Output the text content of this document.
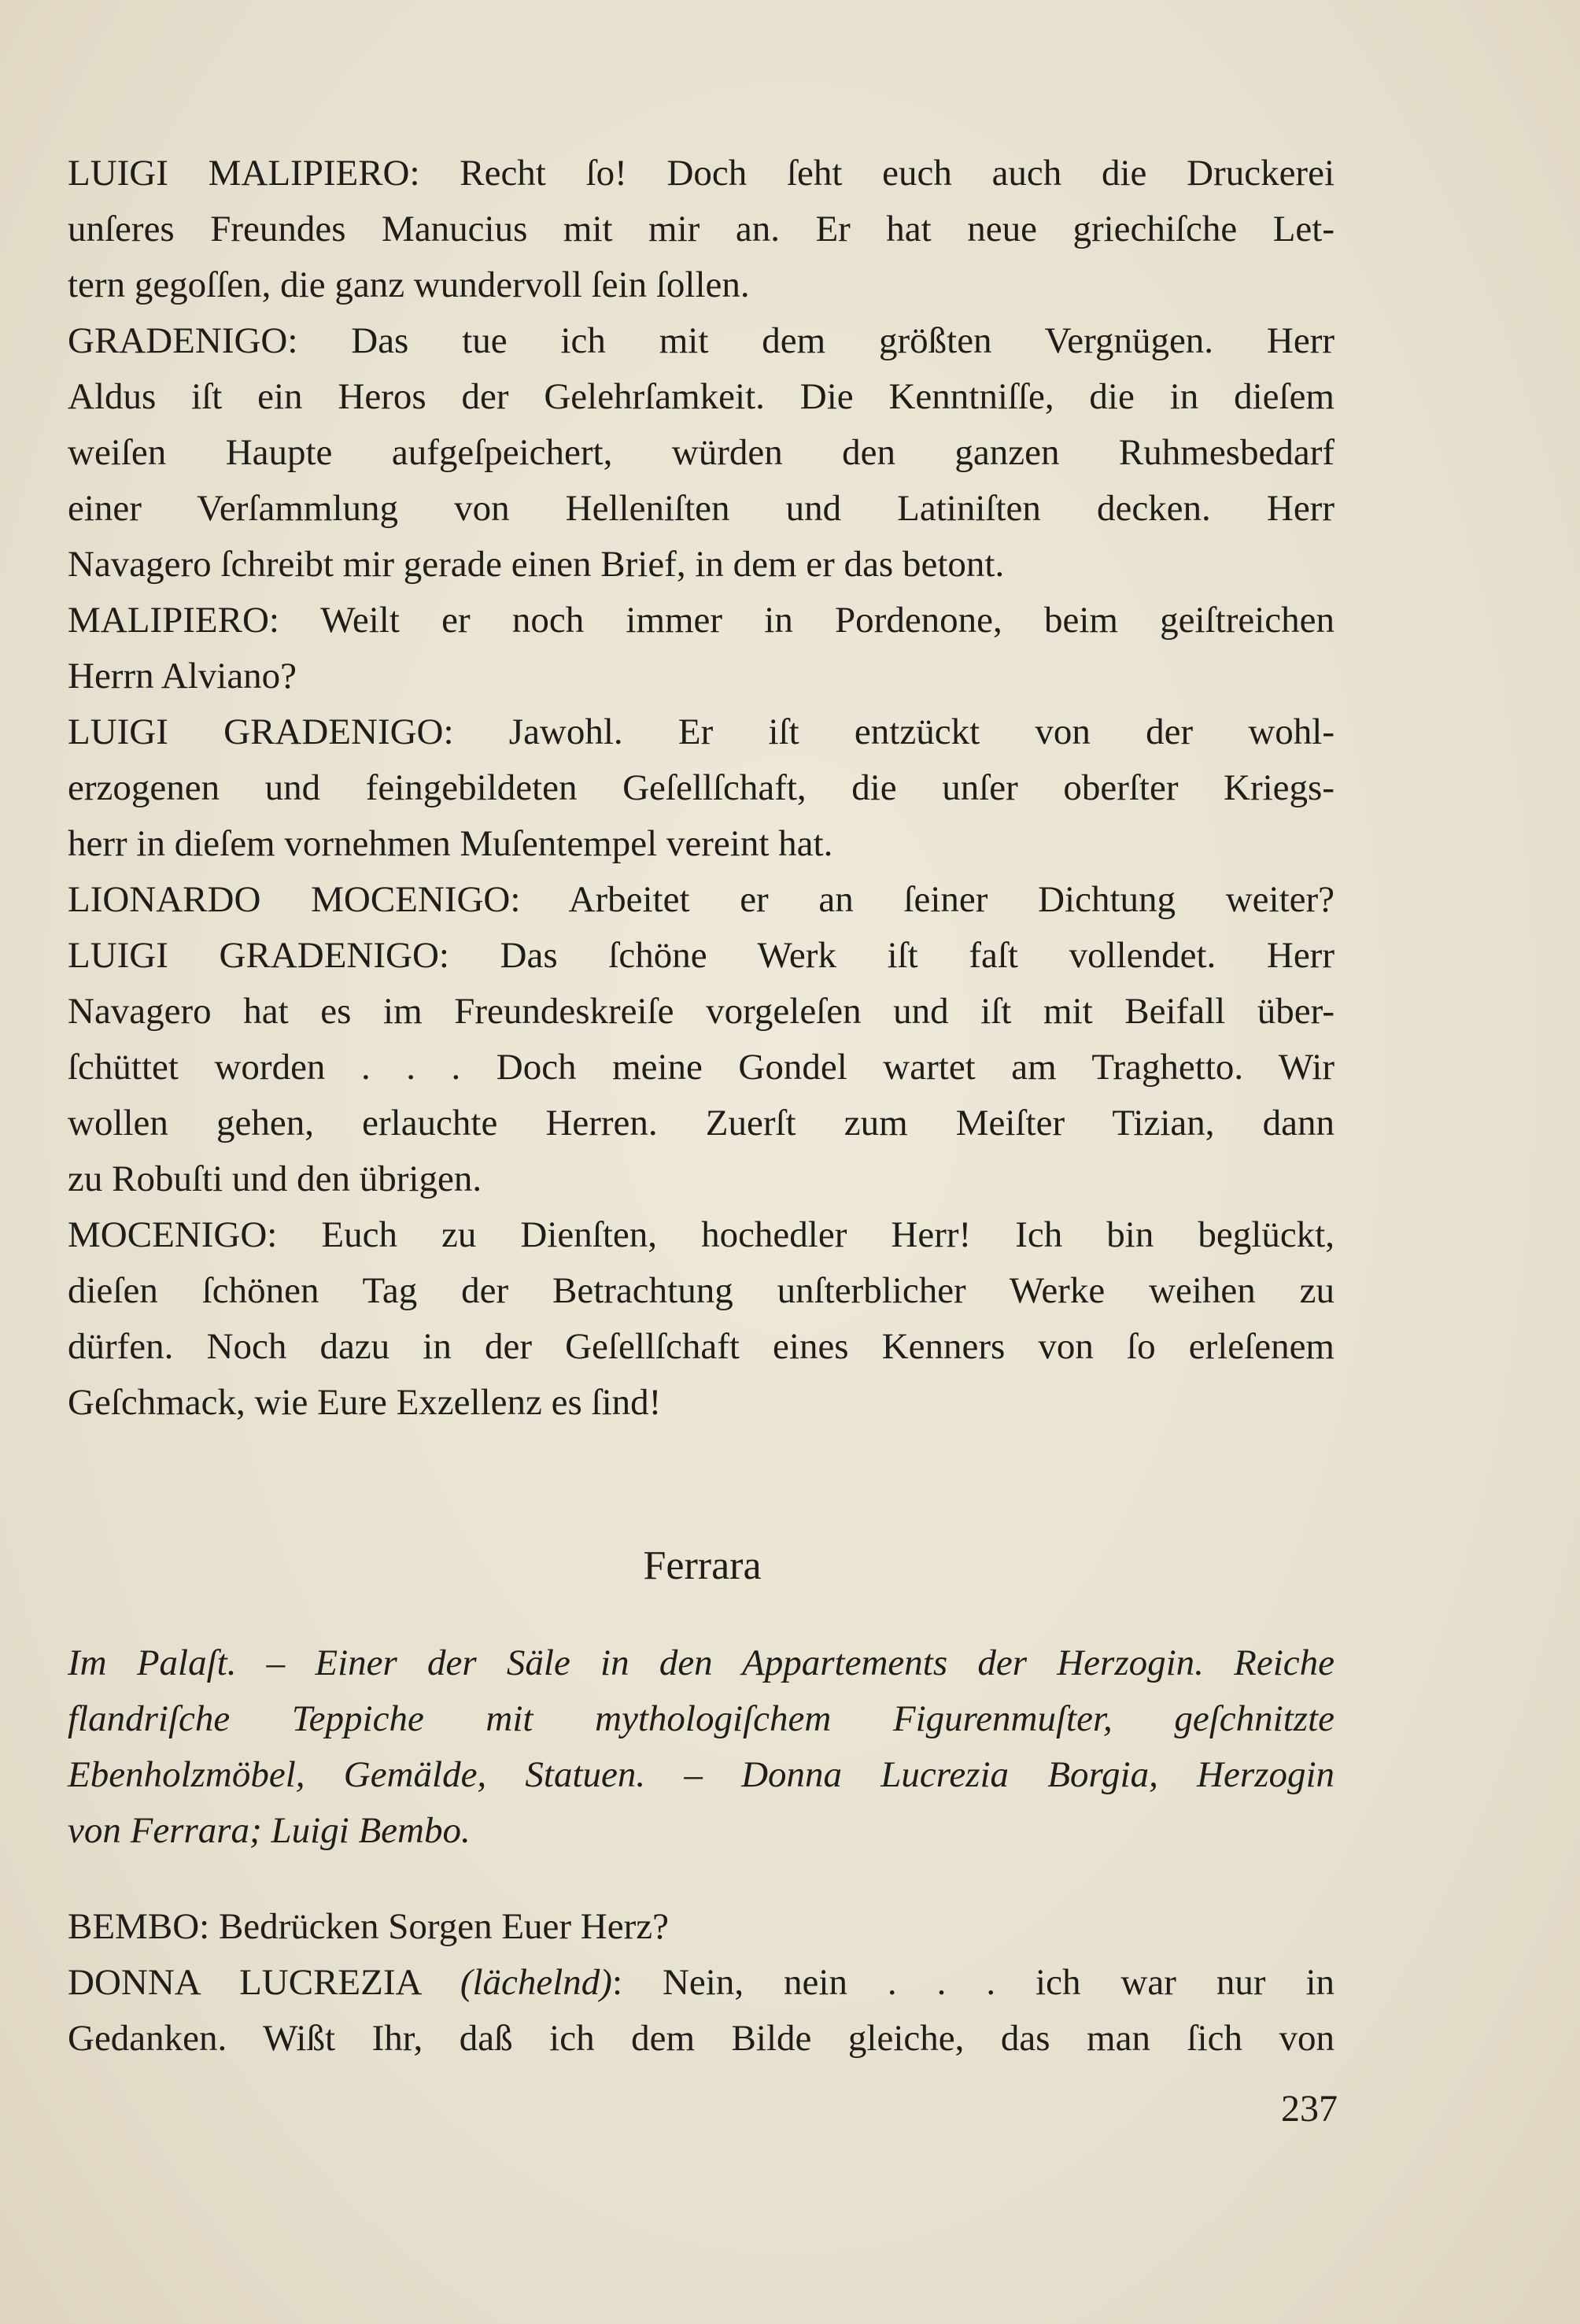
LUIGI MALIPIERO: Recht ſo! Doch ſeht euch auch die Druckerei
unſeres Freundes Manucius mit mir an. Er hat neue griechiſche Let-
tern gegoſſen, die ganz wundervoll ſein ſollen.
GRADENIGO: Das tue ich mit dem größten Vergnügen. Herr
Aldus iſt ein Heros der Gelehrſamkeit. Die Kenntniſſe, die in dieſem
weiſen Haupte aufgeſpeichert, würden den ganzen Ruhmesbedarf
einer Verſammlung von Helleniſten und Latiniſten decken. Herr
Navagero ſchreibt mir gerade einen Brief, in dem er das betont.
MALIPIERO: Weilt er noch immer in Pordenone, beim geiſtreichen
Herrn Alviano?
LUIGI GRADENIGO: Jawohl. Er iſt entzückt von der wohl-
erzogenen und feingebildeten Geſellſchaft, die unſer oberſter Kriegs-
herr in dieſem vornehmen Muſentempel vereint hat.
LIONARDO MOCENIGO: Arbeitet er an ſeiner Dichtung weiter?
LUIGI GRADENIGO: Das ſchöne Werk iſt faſt vollendet. Herr
Navagero hat es im Freundeskreiſe vorgeleſen und iſt mit Beifall über-
ſchüttet worden . . . Doch meine Gondel wartet am Traghetto. Wir
wollen gehen, erlauchte Herren. Zuerſt zum Meiſter Tizian, dann
zu Robuſti und den übrigen.
MOCENIGO: Euch zu Dienſten, hochedler Herr! Ich bin beglückt,
dieſen ſchönen Tag der Betrachtung unſterblicher Werke weihen zu
dürfen. Noch dazu in der Geſellſchaft eines Kenners von ſo erleſenem
Geſchmack, wie Eure Exzellenz es ſind!
Ferrara
Im Palaſt. – Einer der Säle in den Appartements der Herzogin. Reiche
flandriſche Teppiche mit mythologiſchem Figurenmuſter, geſchnitzte
Ebenholzmöbel, Gemälde, Statuen. – Donna Lucrezia Borgia, Herzogin
von Ferrara; Luigi Bembo.
BEMBO: Bedrücken Sorgen Euer Herz?
DONNA LUCREZIA (lächelnd): Nein, nein . . . ich war nur in
Gedanken. Wißt Ihr, daß ich dem Bilde gleiche, das man ſich von
237
